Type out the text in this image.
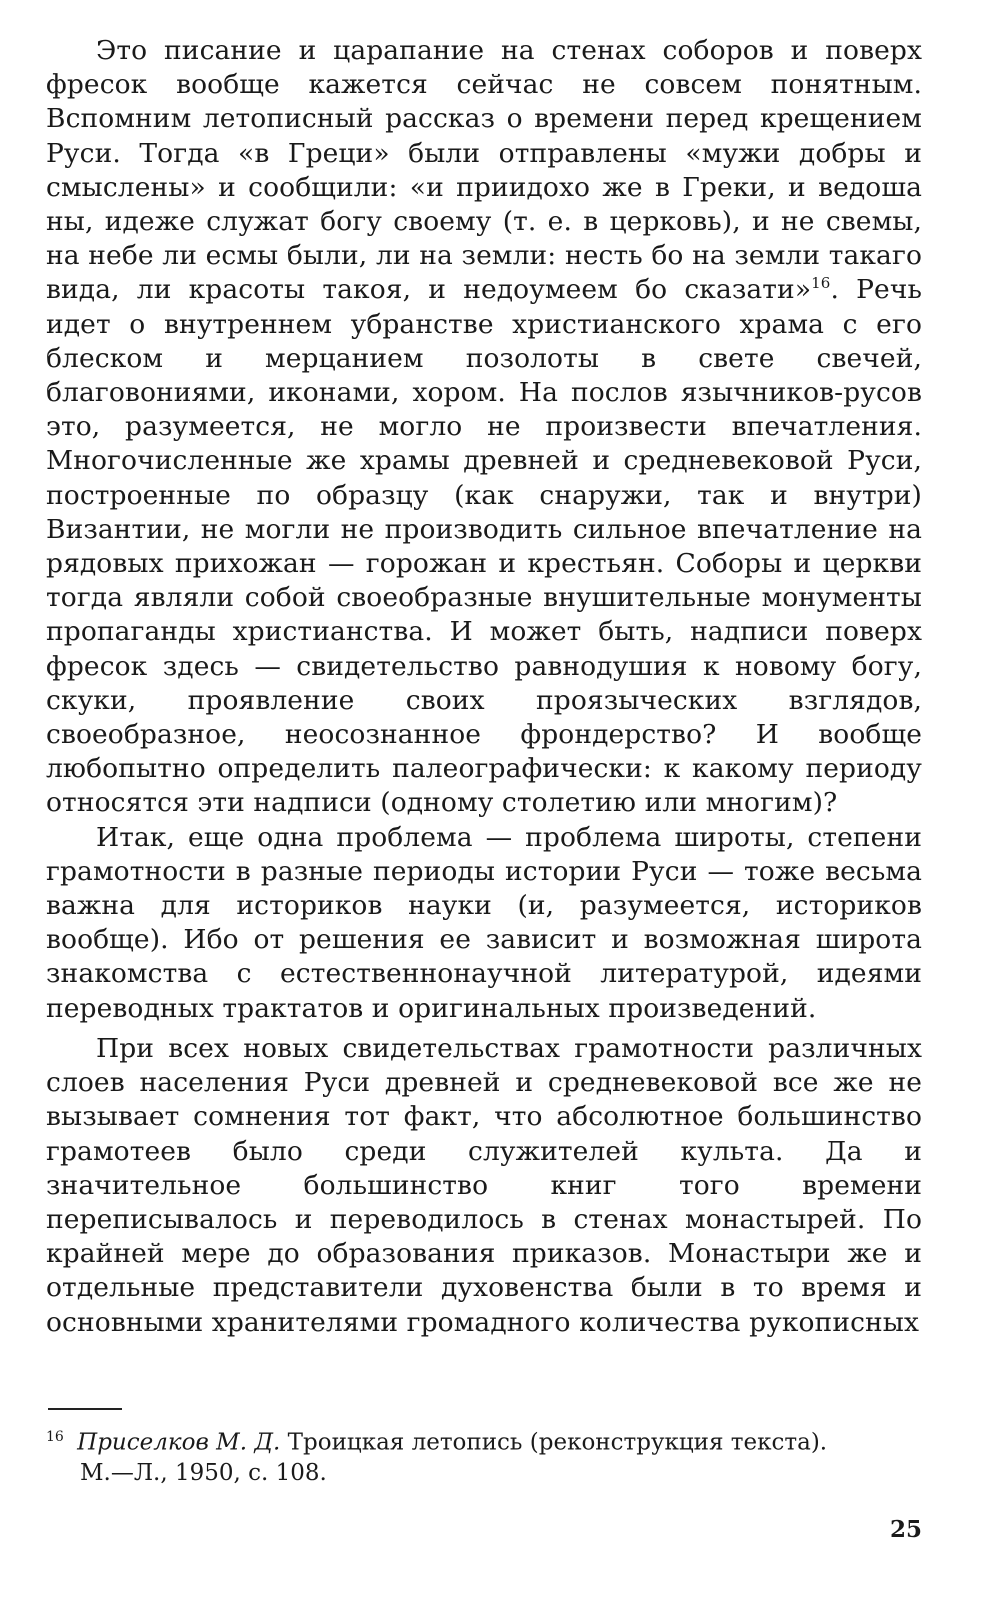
Это писание и царапание на стенах соборов и поверх фресок вообще кажется сейчас не совсем понятным. Вспомним летописный рассказ о времени перед крещением Руси. Тогда «в Греци» были отправлены «мужи добры и смыслены» и сообщили: «и приидохо же в Греки, и ведоша ны, идеже служат богу своему (т. е. в церковь), и не свемы, на небе ли есмы были, ли на земли: несть бо на земли такаго вида, ли красоты такоя, и недоумеем бо сказати»$^{16}$. Речь идет о внутреннем убранстве христианского храма с его блеском и мерцанием позолоты в свете свечей, благовониями, иконами, хором. На послов язычников-русов это, разумеется, не могло не произвести впечатления. Многочисленные же храмы древней и средневековой Руси, построенные по образцу (как снаружи, так и внутри) Византии, не могли не производить сильное впечатление на рядовых прихожан — горожан и крестьян. Соборы и церкви тогда являли собой своеобразные внушительные монументы пропаганды христианства. И может быть, надписи поверх фресок здесь — свидетельство равнодушия к новому богу, скуки, проявление своих проязыческих взглядов, своеобразное, неосознанное фрондерство? И вообще любопытно определить палеографически: к какому периоду относятся эти надписи (одному столетию или многим)?

Итак, еще одна проблема — проблема широты, степени грамотности в разные периоды истории Руси — тоже весьма важна для историков науки (и, разумеется, историков вообще). Ибо от решения ее зависит и возможная широта знакомства с естественнонаучной литературой, идеями переводных трактатов и оригинальных произведений.

При всех новых свидетельствах грамотности различных слоев населения Руси древней и средневековой все же не вызывает сомнения тот факт, что абсолютное большинство грамотеев было среди служителей культа. Да и значительное большинство книг того времени переписывалось и переводилось в стенах монастырей. По крайней мере до образования приказов. Монастыри же и отдельные представители духовенства были в то время и основными хранителями громадного количества рукописных

$^{16}$ Приселков М. Д. Троицкая летопись (реконструкция текста).
М.—Л., 1950, с. 108.
25
